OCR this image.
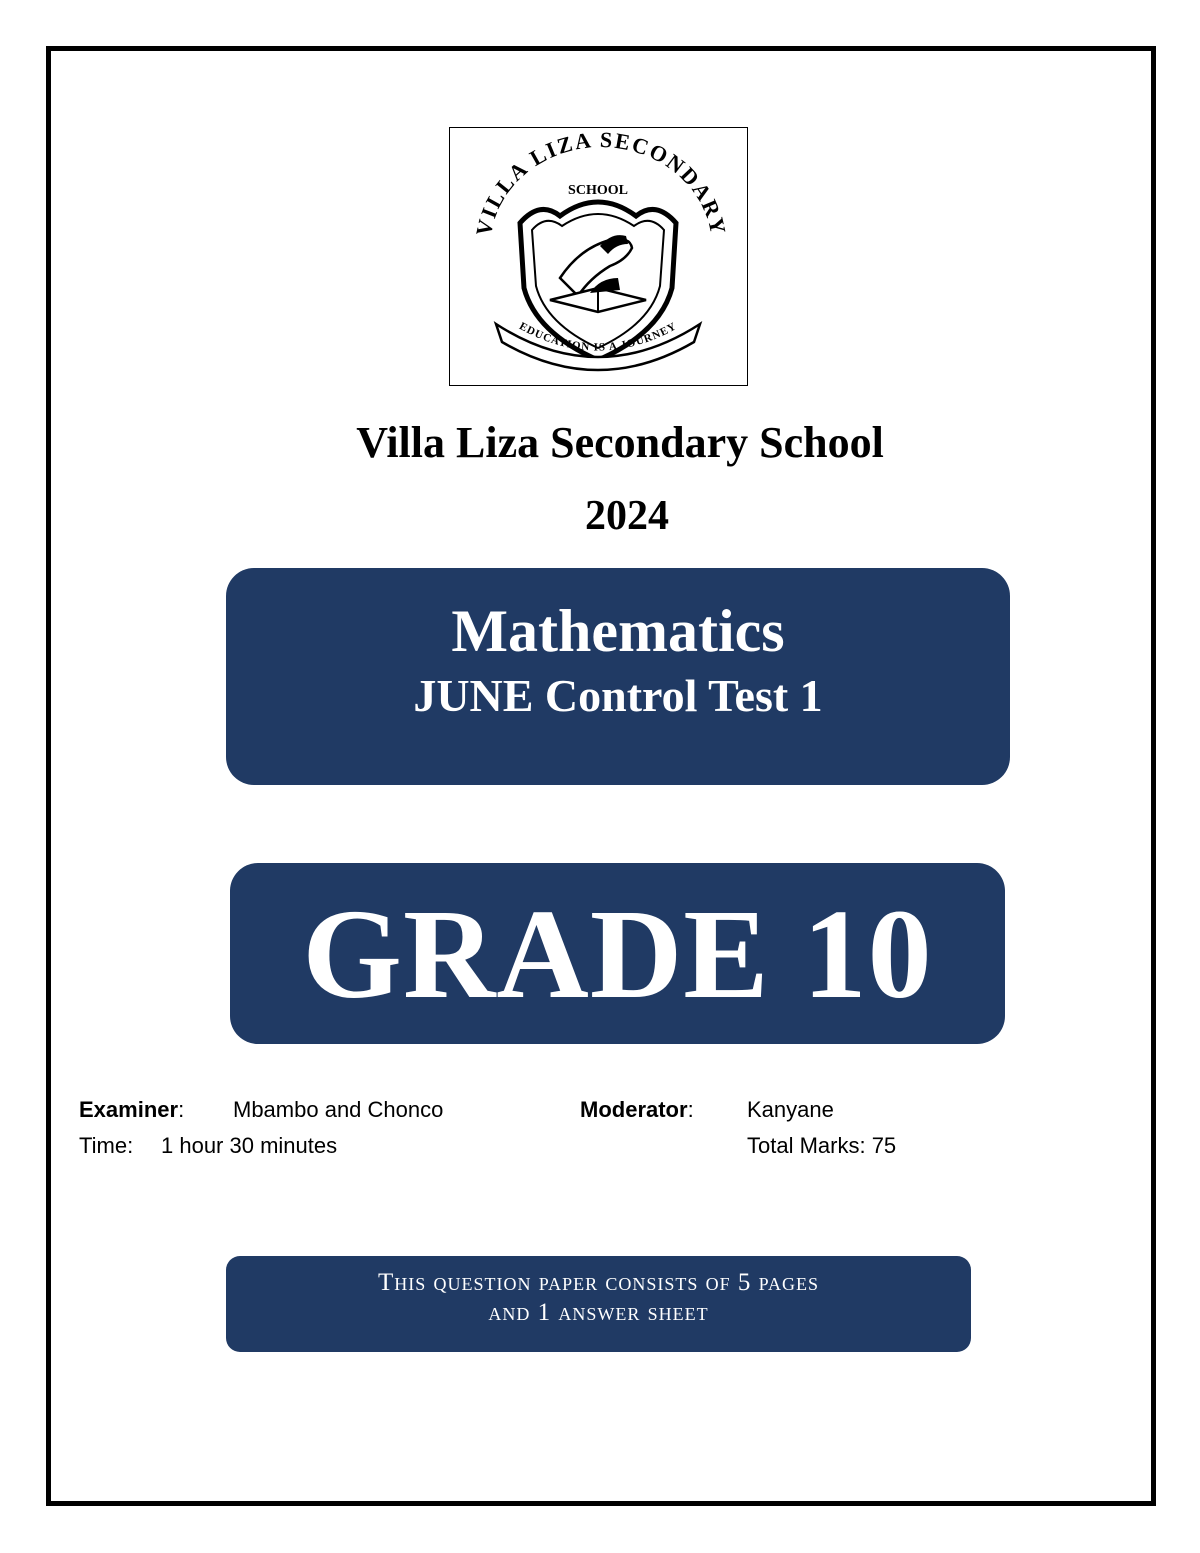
VILLA LIZA SECONDARY
SCHOOL
EDUCATION IS A JOURNEY
Villa Liza Secondary School
2024
Mathematics
JUNE Control Test 1
GRADE 10
Examiner: Mbambo and Chonco	Moderator: Kanyane
Time: 1 hour 30 minutes	Total Marks: 75
This question paper consists of 5 pages
and 1 answer sheet
